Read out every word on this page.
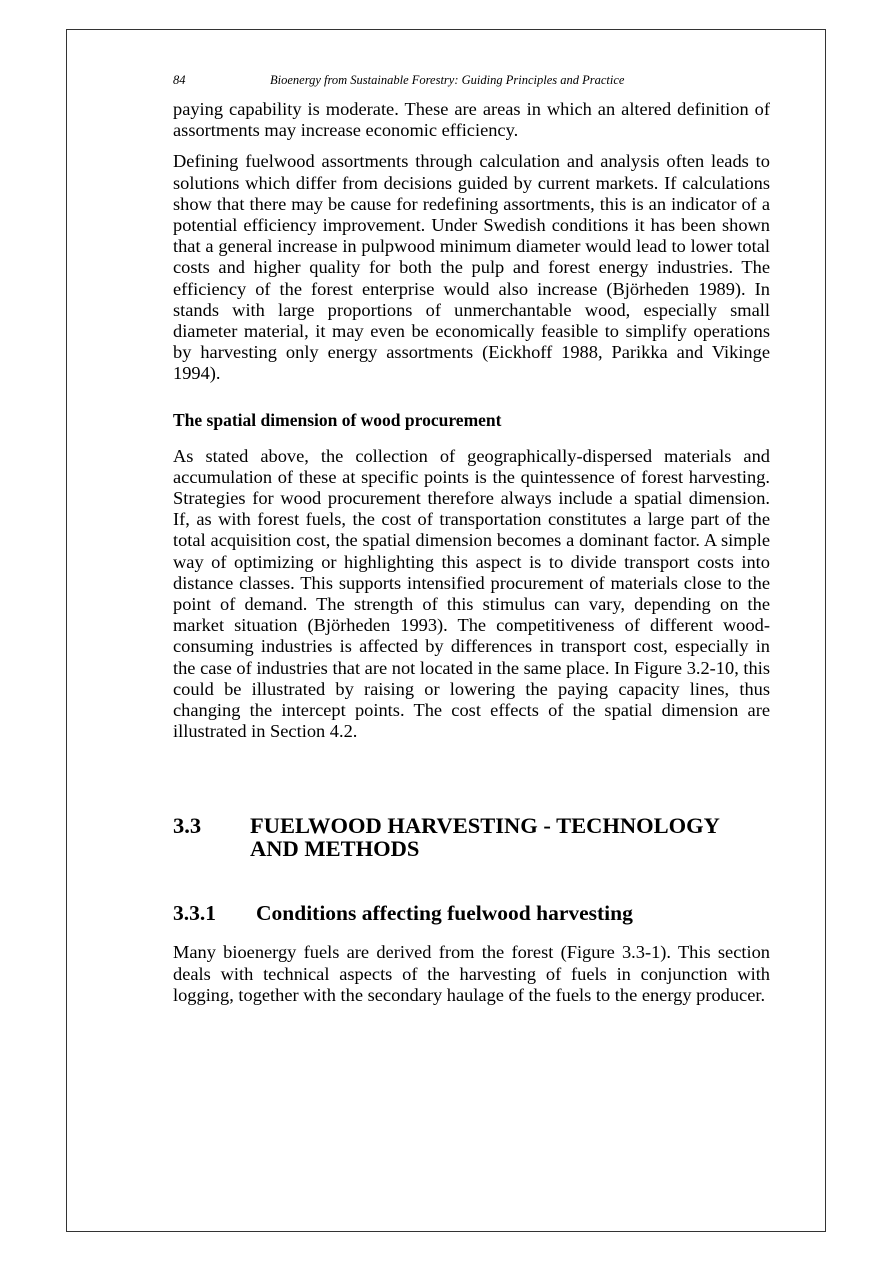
84	Bioenergy from Sustainable Forestry: Guiding Principles and Practice

paying capability is moderate. These are areas in which an altered definition of assortments may increase economic efficiency.

Defining fuelwood assortments through calculation and analysis often leads to solutions which differ from decisions guided by current markets. If calculations show that there may be cause for redefining assortments, this is an indicator of a potential efficiency improvement. Under Swedish conditions it has been shown that a general increase in pulpwood minimum diameter would lead to lower total costs and higher quality for both the pulp and forest energy industries. The efficiency of the forest enterprise would also increase (Björheden 1989). In stands with large proportions of unmerchantable wood, especially small diameter material, it may even be economically feasible to simplify operations by harvesting only energy assortments (Eickhoff 1988, Parikka and Vikinge 1994).

The spatial dimension of wood procurement

As stated above, the collection of geographically-dispersed materials and accumulation of these at specific points is the quintessence of forest harvesting. Strategies for wood procurement therefore always include a spatial dimension. If, as with forest fuels, the cost of transportation constitutes a large part of the total acquisition cost, the spatial dimension becomes a dominant factor. A simple way of optimizing or highlighting this aspect is to divide transport costs into distance classes. This supports intensified procurement of materials close to the point of demand. The strength of this stimulus can vary, depending on the market situation (Björheden 1993). The competitiveness of different wood-consuming industries is affected by differences in transport cost, especially in the case of industries that are not located in the same place. In Figure 3.2-10, this could be illustrated by raising or lowering the paying capacity lines, thus changing the intercept points. The cost effects of the spatial dimension are illustrated in Section 4.2.

3.3	FUELWOOD HARVESTING - TECHNOLOGY AND METHODS
3.3.1	Conditions affecting fuelwood harvesting

Many bioenergy fuels are derived from the forest (Figure 3.3-1). This section deals with technical aspects of the harvesting of fuels in conjunction with logging, together with the secondary haulage of the fuels to the energy producer.
